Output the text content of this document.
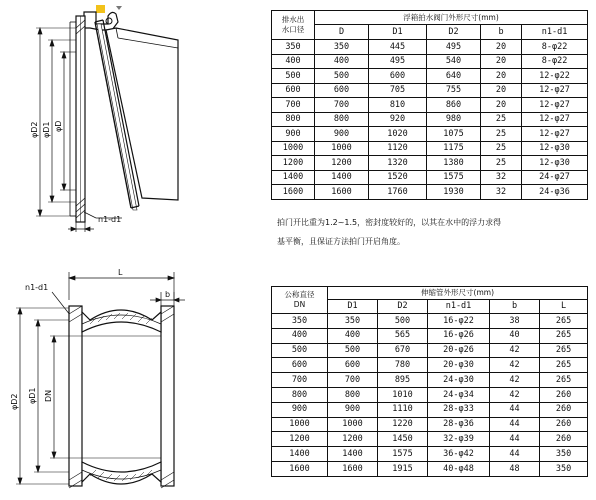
φD2 φD1 φD
n1-d1
n1-d1
L
b
φD2 φD1 DN
排水出
水口径	浮箱拍水阀门外形尺寸(mm)				
	D	D1	D2	b	n1-d1
350	350	445	495	20	8-φ22
400	400	495	540	20	8-φ22
500	500	600	640	20	12-φ22
600	600	705	755	20	12-φ27
700	700	810	860	20	12-φ27
800	800	920	980	25	12-φ27
900	900	1020	1075	25	12-φ27
1000	1000	1120	1175	25	12-φ30
1200	1200	1320	1380	25	12-φ30
1400	1400	1520	1575	32	24-φ27
1600	1600	1760	1930	32	24-φ36
拍门开比重为1.2~1.5，密封度较好的，以其在水中的浮力求得
基平衡，且保证方法拍门开启角度。
公称直径
DN	伸缩管外形尺寸(mm)				
	D1	D2	n1-d1	b	L
350	350	500	16-φ22	38	265
400	400	565	16-φ26	40	265
500	500	670	20-φ26	42	265
600	600	780	20-φ30	42	265
700	700	895	24-φ30	42	265
800	800	1010	24-φ34	42	260
900	900	1110	28-φ33	44	260
1000	1000	1220	28-φ36	44	260
1200	1200	1450	32-φ39	44	260
1400	1400	1575	36-φ42	44	350
1600	1600	1915	40-φ48	48	350
